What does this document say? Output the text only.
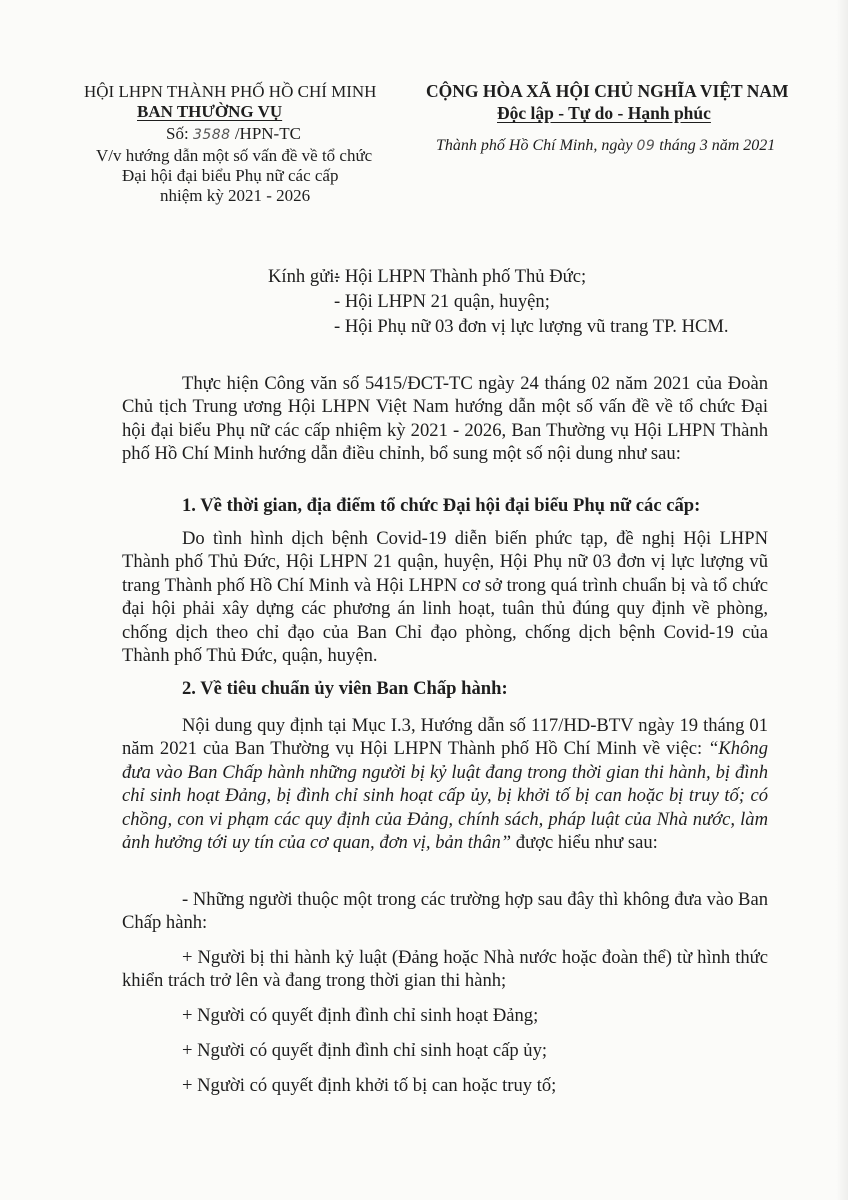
HỘI LHPN THÀNH PHỐ HỒ CHÍ MINH
BAN THƯỜNG VỤ
Số: 3588 /HPN-TC
V/v hướng dẫn một số vấn đề về tổ chức
Đại hội đại biểu Phụ nữ các cấp
nhiệm kỳ 2021 - 2026
CỘNG HÒA XÃ HỘI CHỦ NGHĨA VIỆT NAM
Độc lập - Tự do - Hạnh phúc
Thành phố Hồ Chí Minh, ngày 09 tháng 3 năm 2021
Kính gửi:
- Hội LHPN Thành phố Thủ Đức;
- Hội LHPN 21 quận, huyện;
- Hội Phụ nữ 03 đơn vị lực lượng vũ trang TP. HCM.
Thực hiện Công văn số 5415/ĐCT-TC ngày 24 tháng 02 năm 2021 của Đoàn Chủ tịch Trung ương Hội LHPN Việt Nam hướng dẫn một số vấn đề về tổ chức Đại hội đại biểu Phụ nữ các cấp nhiệm kỳ 2021 - 2026, Ban Thường vụ Hội LHPN Thành phố Hồ Chí Minh hướng dẫn điều chỉnh, bổ sung một số nội dung như sau:
1. Về thời gian, địa điểm tổ chức Đại hội đại biểu Phụ nữ các cấp:
Do tình hình dịch bệnh Covid-19 diễn biến phức tạp, đề nghị Hội LHPN Thành phố Thủ Đức, Hội LHPN 21 quận, huyện, Hội Phụ nữ 03 đơn vị lực lượng vũ trang Thành phố Hồ Chí Minh và Hội LHPN cơ sở trong quá trình chuẩn bị và tổ chức đại hội phải xây dựng các phương án linh hoạt, tuân thủ đúng quy định về phòng, chống dịch theo chỉ đạo của Ban Chỉ đạo phòng, chống dịch bệnh Covid-19 của Thành phố Thủ Đức, quận, huyện.
2. Về tiêu chuẩn ủy viên Ban Chấp hành:
Nội dung quy định tại Mục I.3, Hướng dẫn số 117/HD-BTV ngày 19 tháng 01 năm 2021 của Ban Thường vụ Hội LHPN Thành phố Hồ Chí Minh về việc: “Không đưa vào Ban Chấp hành những người bị kỷ luật đang trong thời gian thi hành, bị đình chỉ sinh hoạt Đảng, bị đình chỉ sinh hoạt cấp ủy, bị khởi tố bị can hoặc bị truy tố; có chồng, con vi phạm các quy định của Đảng, chính sách, pháp luật của Nhà nước, làm ảnh hưởng tới uy tín của cơ quan, đơn vị, bản thân” được hiểu như sau:
- Những người thuộc một trong các trường hợp sau đây thì không đưa vào Ban Chấp hành:
+ Người bị thi hành kỷ luật (Đảng hoặc Nhà nước hoặc đoàn thể) từ hình thức khiển trách trở lên và đang trong thời gian thi hành;
+ Người có quyết định đình chỉ sinh hoạt Đảng;
+ Người có quyết định đình chỉ sinh hoạt cấp ủy;
+ Người có quyết định khởi tố bị can hoặc truy tố;
